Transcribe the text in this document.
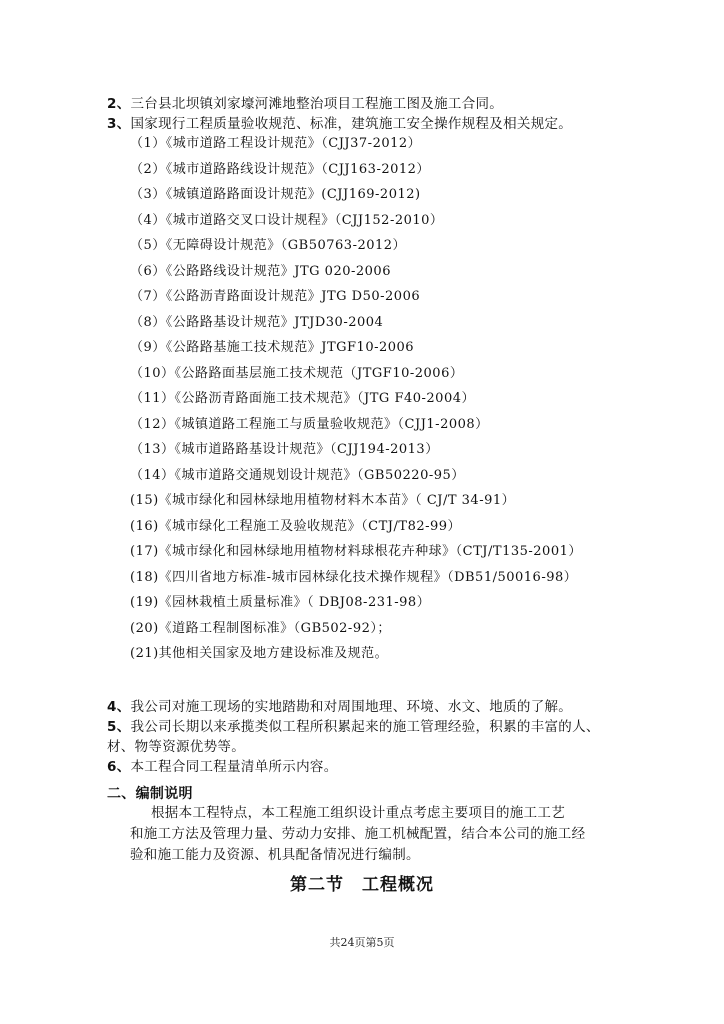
2、三台县北坝镇刘家壕河滩地整治项目工程施工图及施工合同。
3、国家现行工程质量验收规范、标准，建筑施工安全操作规程及相关规定。
（1）《城市道路工程设计规范》（CJJ37-2012）
（2）《城市道路路线设计规范》（CJJ163-2012）
（3）《城镇道路路面设计规范》(CJJ169-2012)
（4）《城市道路交叉口设计规程》（CJJ152-2010）
（5）《无障碍设计规范》（GB50763-2012）
（6）《公路路线设计规范》JTG 020-2006
（7）《公路沥青路面设计规范》JTG D50-2006
（8）《公路路基设计规范》JTJD30-2004
（9）《公路路基施工技术规范》JTGF10-2006
（10）《公路路面基层施工技术规范（JTGF10-2006）
（11）《公路沥青路面施工技术规范》（JTG F40-2004）
（12）《城镇道路工程施工与质量验收规范》（CJJ1-2008）
（13）《城市道路路基设计规范》（CJJ194-2013）
（14）《城市道路交通规划设计规范》（GB50220-95）
(15)《城市绿化和园林绿地用植物材料木本苗》（ CJ/T 34-91）
(16)《城市绿化工程施工及验收规范》（CTJ/T82-99）
(17)《城市绿化和园林绿地用植物材料球根花卉种球》（CTJ/T135-2001）
(18)《四川省地方标准-城市园林绿化技术操作规程》（DB51/50016-98）
(19)《园林栽植土质量标准》（ DBJ08-231-98）
(20)《道路工程制图标准》（GB502-92）；
(21)其他相关国家及地方建设标准及规范。
4、我公司对施工现场的实地踏勘和对周围地理、环境、水文、地质的了解。
5、我公司长期以来承揽类似工程所积累起来的施工管理经验，积累的丰富的人、
材、物等资源优势等。
6、本工程合同工程量清单所示内容。
二、编制说明
根据本工程特点，本工程施工组织设计重点考虑主要项目的施工工艺
和施工方法及管理力量、劳动力安排、施工机械配置，结合本公司的施工经
验和施工能力及资源、机具配备情况进行编制。
第二节　工程概况
共24页第5页
